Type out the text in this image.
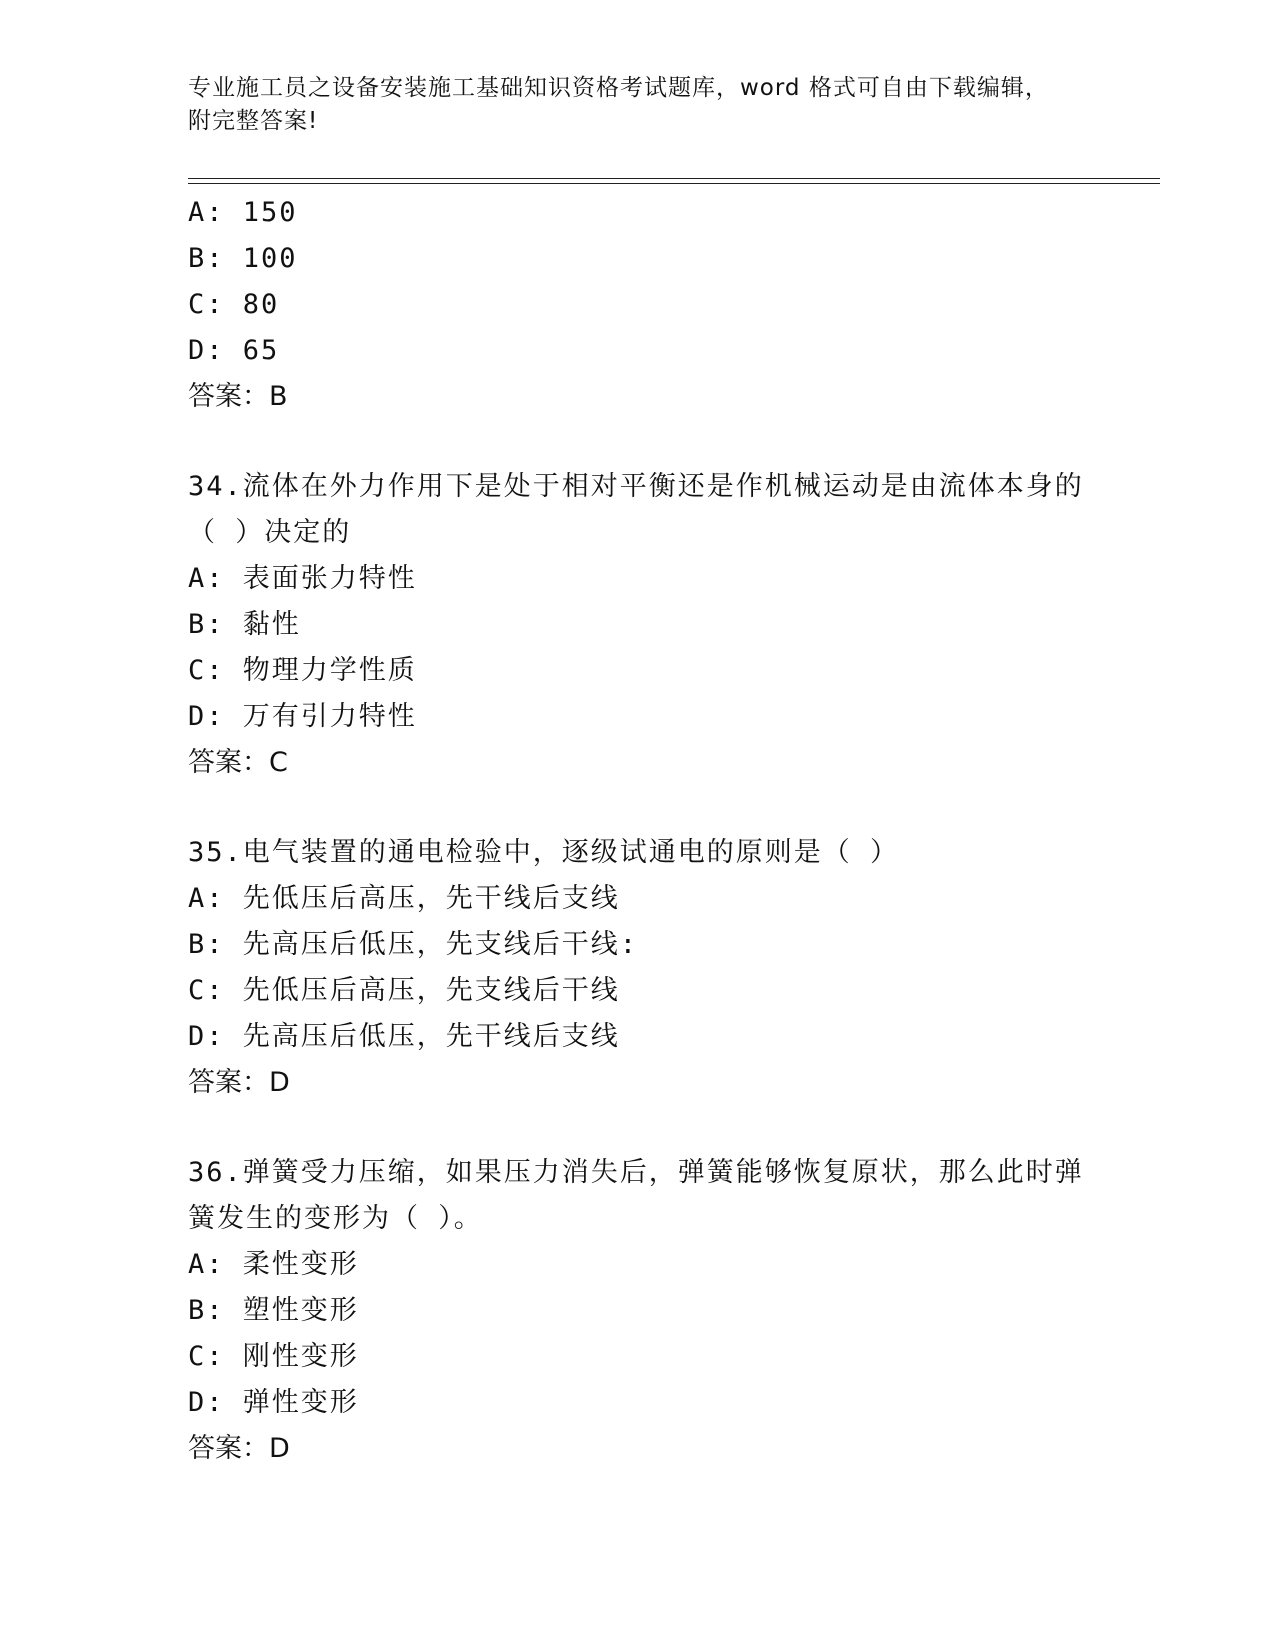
专业施工员之设备安装施工基础知识资格考试题库，word 格式可自由下载编辑，
附完整答案!
A: 150
B: 100
C: 80
D: 65
答案：B
34.流体在外力作用下是处于相对平衡还是作机械运动是由流体本身的
（ ）决定的
A: 表面张力特性
B: 黏性
C: 物理力学性质
D: 万有引力特性
答案：C
35.电气装置的通电检验中，逐级试通电的原则是（ ）
A: 先低压后高压，先干线后支线
B: 先高压后低压，先支线后干线:
C: 先低压后高压，先支线后干线
D: 先高压后低压，先干线后支线
答案：D
36.弹簧受力压缩，如果压力消失后，弹簧能够恢复原状，那么此时弹
簧发生的变形为（ ）。
A: 柔性变形
B: 塑性变形
C: 刚性变形
D: 弹性变形
答案：D
